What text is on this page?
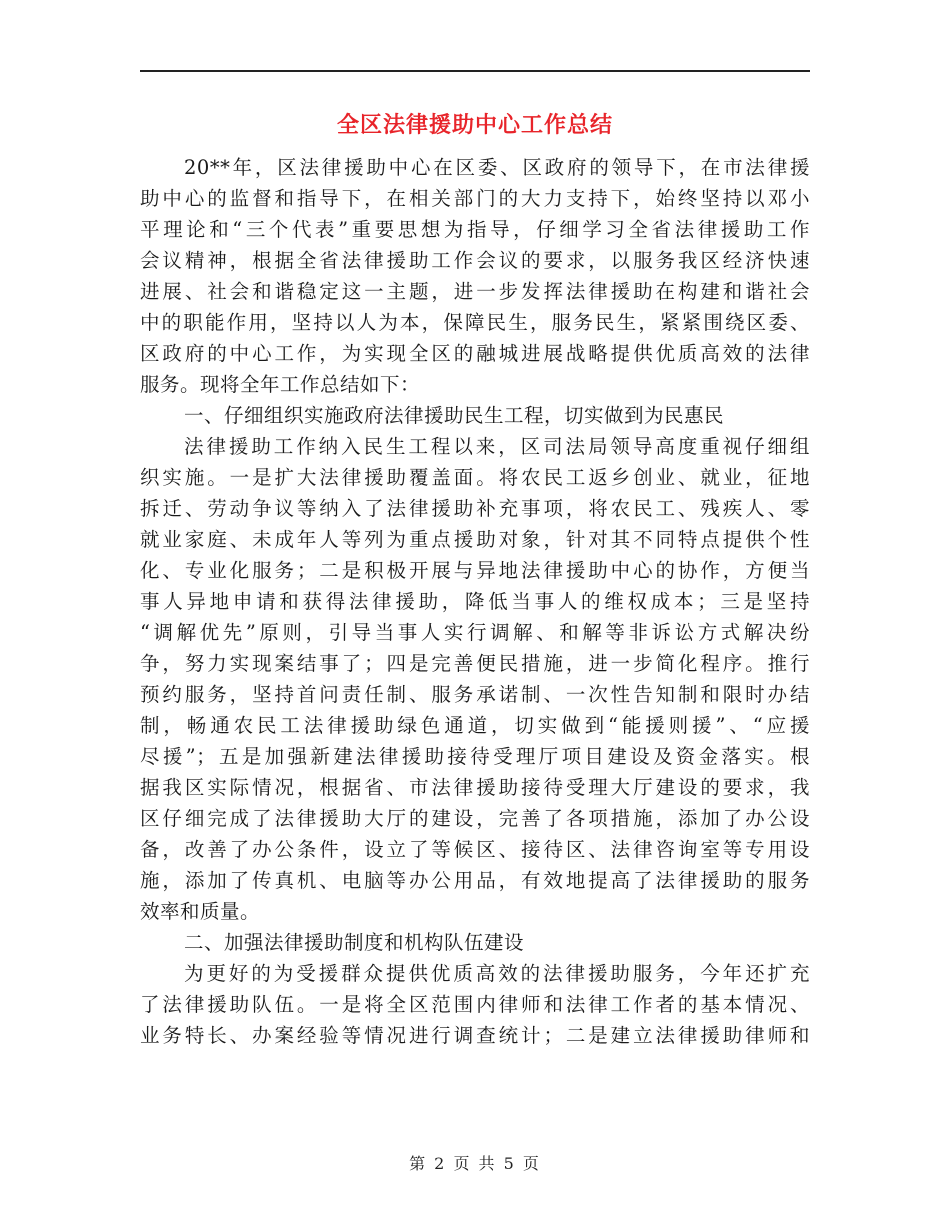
全区法律援助中心工作总结
20**年，区法律援助中心在区委、区政府的领导下，在市法律援
助中心的监督和指导下，在相关部门的大力支持下，始终坚持以邓小
平理论和“三个代表”重要思想为指导，仔细学习全省法律援助工作
会议精神，根据全省法律援助工作会议的要求，以服务我区经济快速
进展、社会和谐稳定这一主题，进一步发挥法律援助在构建和谐社会
中的职能作用，坚持以人为本，保障民生，服务民生，紧紧围绕区委、
区政府的中心工作，为实现全区的融城进展战略提供优质高效的法律
服务。现将全年工作总结如下：
一、仔细组织实施政府法律援助民生工程，切实做到为民惠民
法律援助工作纳入民生工程以来，区司法局领导高度重视仔细组
织实施。一是扩大法律援助覆盖面。将农民工返乡创业、就业，征地
拆迁、劳动争议等纳入了法律援助补充事项，将农民工、残疾人、零
就业家庭、未成年人等列为重点援助对象，针对其不同特点提供个性
化、专业化服务；二是积极开展与异地法律援助中心的协作，方便当
事人异地申请和获得法律援助，降低当事人的维权成本；三是坚持
“调解优先”原则，引导当事人实行调解、和解等非诉讼方式解决纷
争，努力实现案结事了；四是完善便民措施，进一步简化程序。推行
预约服务，坚持首问责任制、服务承诺制、一次性告知制和限时办结
制，畅通农民工法律援助绿色通道，切实做到“能援则援”、“应援
尽援”；五是加强新建法律援助接待受理厅项目建设及资金落实。根
据我区实际情况，根据省、市法律援助接待受理大厅建设的要求，我
区仔细完成了法律援助大厅的建设，完善了各项措施，添加了办公设
备，改善了办公条件，设立了等候区、接待区、法律咨询室等专用设
施，添加了传真机、电脑等办公用品，有效地提高了法律援助的服务
效率和质量。
二、加强法律援助制度和机构队伍建设
为更好的为受援群众提供优质高效的法律援助服务，今年还扩充
了法律援助队伍。一是将全区范围内律师和法律工作者的基本情况、
业务特长、办案经验等情况进行调查统计；二是建立法律援助律师和
第 2 页 共 5 页
